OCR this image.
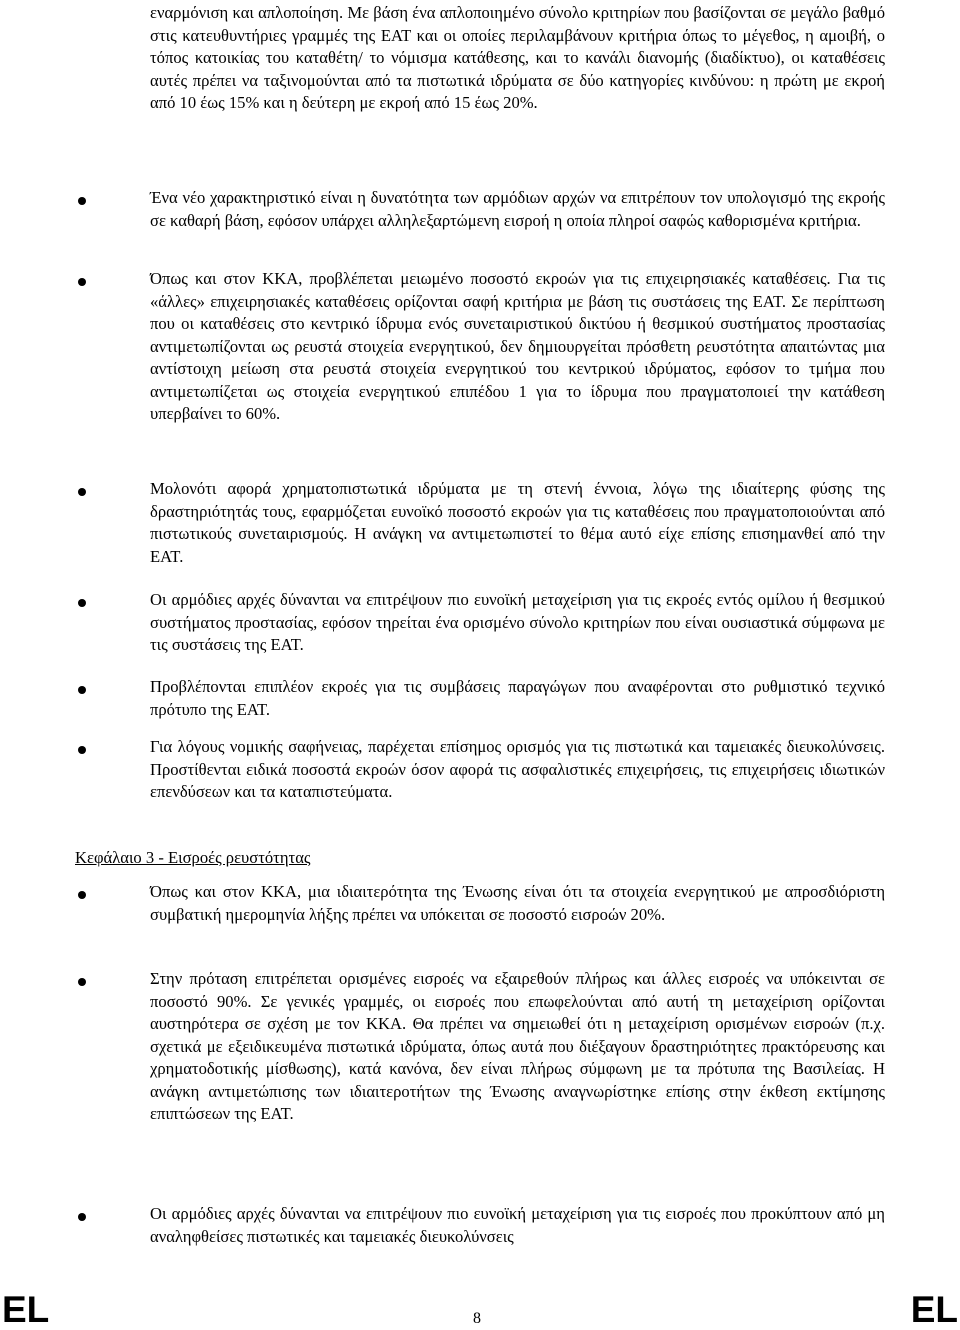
εναρμόνιση και απλοποίηση. Με βάση ένα απλοποιημένο σύνολο κριτηρίων που βασίζονται σε μεγάλο βαθμό στις κατευθυντήριες γραμμές της ΕΑΤ και οι οποίες περιλαμβάνουν κριτήρια όπως το μέγεθος, η αμοιβή, ο τόπος κατοικίας του καταθέτη/ το νόμισμα κατάθεσης, και το κανάλι διανομής (διαδίκτυο), οι καταθέσεις αυτές πρέπει να ταξινομούνται από τα πιστωτικά ιδρύματα σε δύο κατηγορίες κινδύνου: η πρώτη με εκροή από 10 έως 15% και η δεύτερη με εκροή από 15 έως 20%.

Ένα νέο χαρακτηριστικό είναι η δυνατότητα των αρμόδιων αρχών να επιτρέπουν τον υπολογισμό της εκροής σε καθαρή βάση, εφόσον υπάρχει αλληλεξαρτώμενη εισροή η οποία πληροί σαφώς καθορισμένα κριτήρια.

Όπως και στον ΚΚΑ, προβλέπεται μειωμένο ποσοστό εκροών για τις επιχειρησιακές καταθέσεις. Για τις «άλλες» επιχειρησιακές καταθέσεις ορίζονται σαφή κριτήρια με βάση τις συστάσεις της ΕΑΤ. Σε περίπτωση που οι καταθέσεις στο κεντρικό ίδρυμα ενός συνεταιριστικού δικτύου ή θεσμικού συστήματος προστασίας αντιμετωπίζονται ως ρευστά στοιχεία ενεργητικού, δεν δημιουργείται πρόσθετη ρευστότητα απαιτώντας μια αντίστοιχη μείωση στα ρευστά στοιχεία ενεργητικού του κεντρικού ιδρύματος, εφόσον το τμήμα που αντιμετωπίζεται ως στοιχεία ενεργητικού επιπέδου 1 για το ίδρυμα που πραγματοποιεί την κατάθεση υπερβαίνει το 60%.

Μολονότι αφορά χρηματοπιστωτικά ιδρύματα με τη στενή έννοια, λόγω της ιδιαίτερης φύσης της δραστηριότητάς τους, εφαρμόζεται ευνοϊκό ποσοστό εκροών για τις καταθέσεις που πραγματοποιούνται από πιστωτικούς συνεταιρισμούς. Η ανάγκη να αντιμετωπιστεί το θέμα αυτό είχε επίσης επισημανθεί από την ΕΑΤ.

Οι αρμόδιες αρχές δύνανται να επιτρέψουν πιο ευνοϊκή μεταχείριση για τις εκροές εντός ομίλου ή θεσμικού συστήματος προστασίας, εφόσον τηρείται ένα ορισμένο σύνολο κριτηρίων που είναι ουσιαστικά σύμφωνα με τις συστάσεις της ΕΑΤ.

Προβλέπονται επιπλέον εκροές για τις συμβάσεις παραγώγων που αναφέρονται στο ρυθμιστικό τεχνικό πρότυπο της ΕΑΤ.

Για λόγους νομικής σαφήνειας, παρέχεται επίσημος ορισμός για τις πιστωτικά και ταμειακές διευκολύνσεις. Προστίθενται ειδικά ποσοστά εκροών όσον αφορά τις ασφαλιστικές επιχειρήσεις, τις επιχειρήσεις ιδιωτικών επενδύσεων και τα καταπιστεύματα.

Κεφάλαιο 3 - Εισροές ρευστότητας

Όπως και στον ΚΚΑ, μια ιδιαιτερότητα της Ένωσης είναι ότι τα στοιχεία ενεργητικού με απροσδιόριστη συμβατική ημερομηνία λήξης πρέπει να υπόκειται σε ποσοστό εισροών 20%.

Στην πρόταση επιτρέπεται ορισμένες εισροές να εξαιρεθούν πλήρως και άλλες εισροές να υπόκεινται σε ποσοστό 90%. Σε γενικές γραμμές, οι εισροές που επωφελούνται από αυτή τη μεταχείριση ορίζονται αυστηρότερα σε σχέση με τον ΚΚΑ. Θα πρέπει να σημειωθεί ότι η μεταχείριση ορισμένων εισροών (π.χ. σχετικά με εξειδικευμένα πιστωτικά ιδρύματα, όπως αυτά που διέξαγουν δραστηριότητες πρακτόρευσης και χρηματοδοτικής μίσθωσης), κατά κανόνα, δεν είναι πλήρως σύμφωνη με τα πρότυπα της Βασιλείας. Η ανάγκη αντιμετώπισης των ιδιαιτεροτήτων της Ένωσης αναγνωρίστηκε επίσης στην έκθεση εκτίμησης επιπτώσεων της ΕΑΤ.

Οι αρμόδιες αρχές δύνανται να επιτρέψουν πιο ευνοϊκή μεταχείριση για τις εισροές που προκύπτουν από μη αναληφθείσες πιστωτικές και ταμειακές διευκολύνσεις

EL	8	EL
